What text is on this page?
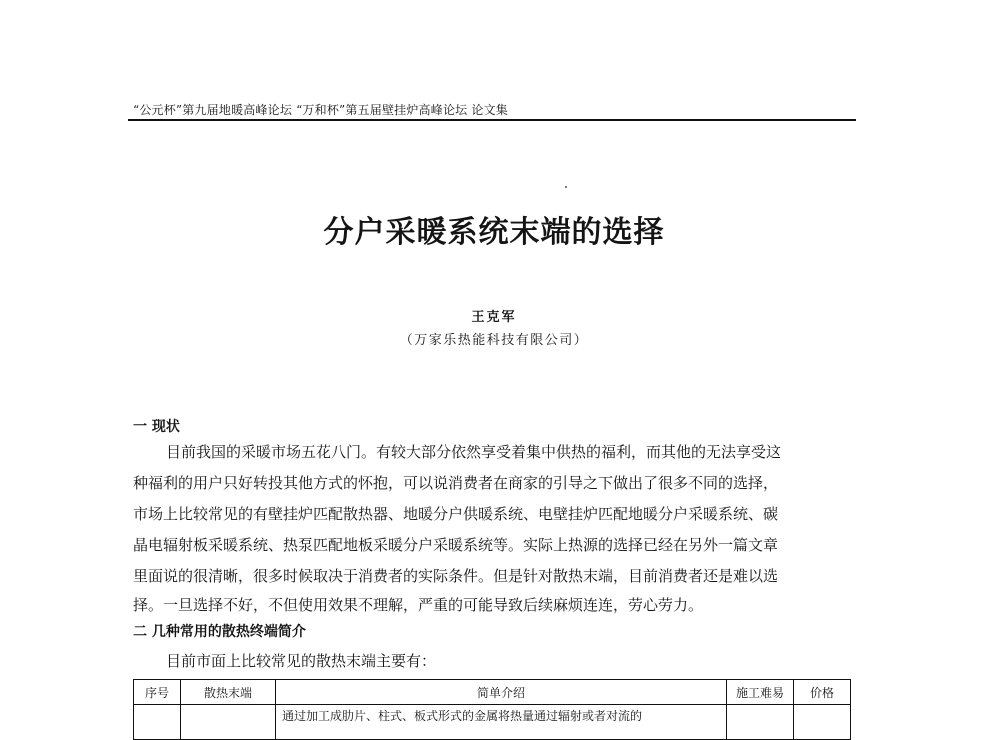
“公元杯”第九届地暖高峰论坛 “万和杯”第五届壁挂炉高峰论坛 论文集
分户采暖系统末端的选择
王克军
（万家乐热能科技有限公司）
一 现状
目前我国的采暖市场五花八门。有较大部分依然享受着集中供热的福利，而其他的无法享受这
种福利的用户只好转投其他方式的怀抱，可以说消费者在商家的引导之下做出了很多不同的选择，
市场上比较常见的有壁挂炉匹配散热器、地暖分户供暖系统、电壁挂炉匹配地暖分户采暖系统、碳
晶电辐射板采暖系统、热泵匹配地板采暖分户采暖系统等。实际上热源的选择已经在另外一篇文章
里面说的很清晰，很多时候取决于消费者的实际条件。但是针对散热末端，目前消费者还是难以选
择。一旦选择不好，不但使用效果不理解，严重的可能导致后续麻烦连连，劳心劳力。
二 几种常用的散热终端简介
目前市面上比较常见的散热末端主要有：
序号	散热末端	简单介绍	施工难易	价格
		通过加工成肋片、柱式、板式形式的金属将热量通过辐射或者对流的		
